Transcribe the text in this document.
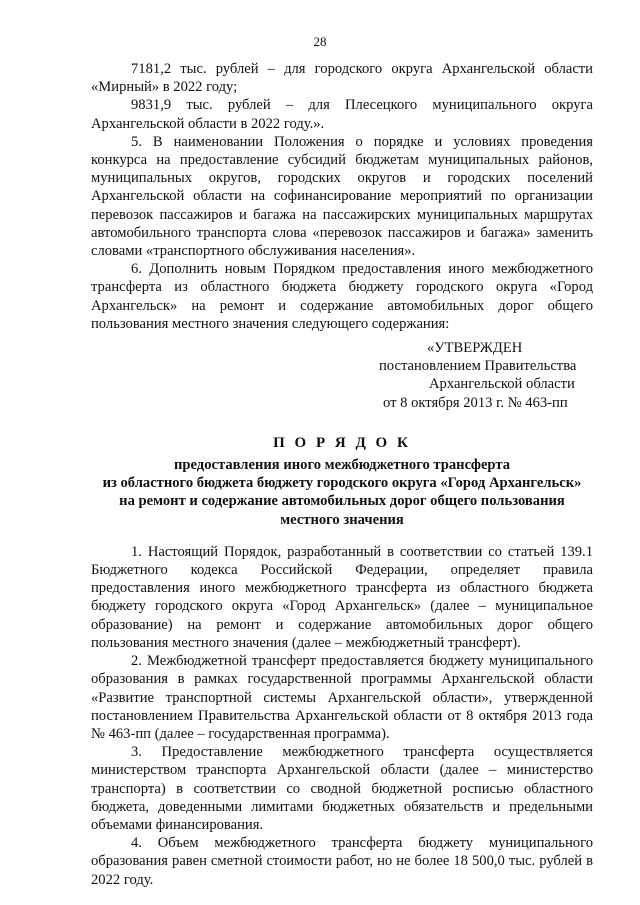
28

7181,2 тыс. рублей – для городского округа Архангельской области «Мирный» в 2022 году;

9831,9 тыс. рублей – для Плесецкого муниципального округа Архангельской области в 2022 году.».

5. В наименовании Положения о порядке и условиях проведения конкурса на предоставление субсидий бюджетам муниципальных районов, муниципальных округов, городских округов и городских поселений Архангельской области на софинансирование мероприятий по организации перевозок пассажиров и багажа на пассажирских муниципальных маршрутах автомобильного транспорта слова «перевозок пассажиров и багажа» заменить словами «транспортного обслуживания населения».

6. Дополнить новым Порядком предоставления иного межбюджетного трансферта из областного бюджета бюджету городского округа «Город Архангельск» на ремонт и содержание автомобильных дорог общего пользования местного значения следующего содержания:

«УТВЕРЖДЕН
постановлением Правительства
Архангельской области
от 8 октября 2013 г. № 463-пп
П О Р Я Д О К
предоставления иного межбюджетного трансферта
из областного бюджета бюджету городского округа «Город Архангельск»
на ремонт и содержание автомобильных дорог общего пользования
местного значения

1. Настоящий Порядок, разработанный в соответствии со статьей 139.1 Бюджетного кодекса Российской Федерации, определяет правила предоставления иного межбюджетного трансферта из областного бюджета бюджету городского округа «Город Архангельск» (далее – муниципальное образование) на ремонт и содержание автомобильных дорог общего пользования местного значения (далее – межбюджетный трансферт).

2. Межбюджетной трансферт предоставляется бюджету муниципального образования в рамках государственной программы Архангельской области «Развитие транспортной системы Архангельской области», утвержденной постановлением Правительства Архангельской области от 8 октября 2013 года № 463-пп (далее – государственная программа).

3. Предоставление межбюджетного трансферта осуществляется министерством транспорта Архангельской области (далее – министерство транспорта) в соответствии со сводной бюджетной росписью областного бюджета, доведенными лимитами бюджетных обязательств и предельными объемами финансирования.

4. Объем межбюджетного трансферта бюджету муниципального образования равен сметной стоимости работ, но не более 18 500,0 тыс. рублей в 2022 году.
